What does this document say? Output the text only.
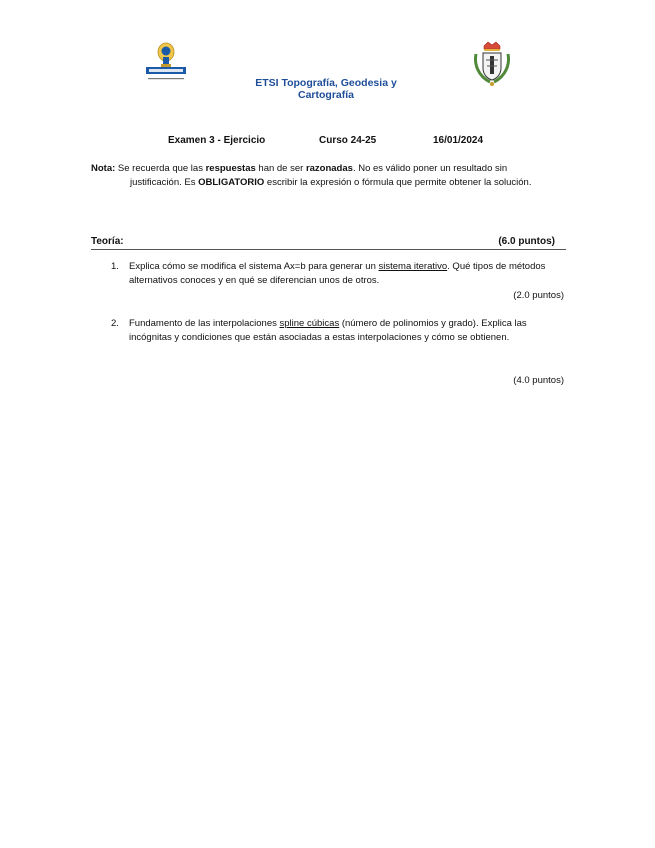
ETSI Topografía, Geodesia y Cartografía
Examen 3 - Ejercicio	Curso 24-25	16/01/2024
Nota: Se recuerda que las respuestas han de ser razonadas. No es válido poner un resultado sin
justificación. Es OBLIGATORIO escribir la expresión o fórmula que permite obtener la solución.
Teoría:	(6.0 puntos)
1.	Explica cómo se modifica el sistema Ax=b para generar un sistema iterativo. Qué tipos de métodos alternativos conoces y en qué se diferencian unos de otros.
(2.0 puntos)
2.	Fundamento de las interpolaciones spline cúbicas (número de polinomios y grado). Explica las incógnitas y condiciones que están asociadas a estas interpolaciones y cómo se obtienen.
(4.0 puntos)
